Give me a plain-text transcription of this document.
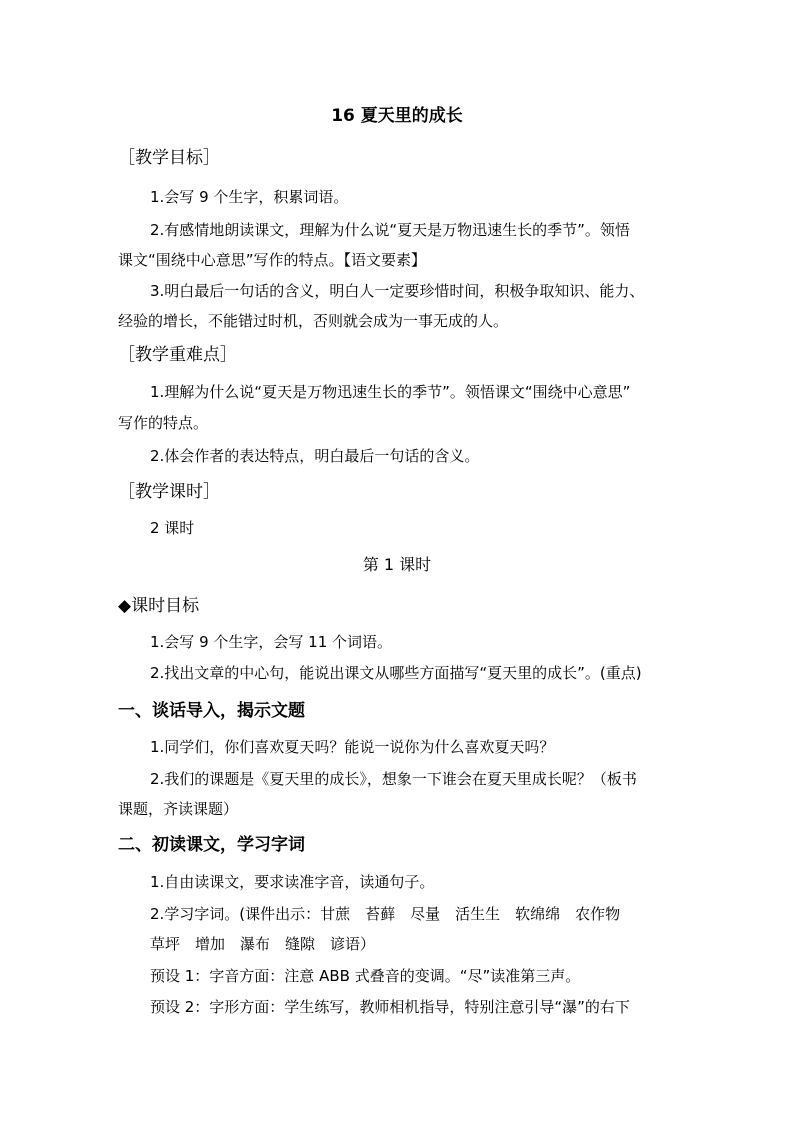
16 夏天里的成长
［教学目标］
1.会写 9 个生字，积累词语。
2.有感情地朗读课文，理解为什么说“夏天是万物迅速生长的季节”。领悟
课文“围绕中心意思”写作的特点。【语文要素】
3.明白最后一句话的含义，明白人一定要珍惜时间，积极争取知识、能力、
经验的增长，不能错过时机，否则就会成为一事无成的人。
［教学重难点］
1.理解为什么说“夏天是万物迅速生长的季节”。领悟课文“围绕中心意思”
写作的特点。
2.体会作者的表达特点，明白最后一句话的含义。
［教学课时］
2 课时
第 1 课时
◆课时目标
1.会写 9 个生字，会写 11 个词语。
2.找出文章的中心句，能说出课文从哪些方面描写“夏天里的成长”。(重点)
一、谈话导入，揭示文题
1.同学们，你们喜欢夏天吗？能说一说你为什么喜欢夏天吗？
2.我们的课题是《夏天里的成长》，想象一下谁会在夏天里成长呢？（板书
课题，齐读课题）
二、初读课文，学习字词
1.自由读课文，要求读准字音，读通句子。
2.学习字词。(课件出示：甘蔗　苔藓　尽量　活生生　软绵绵　农作物
草坪　增加　瀑布　缝隙　谚语）
预设 1：字音方面：注意 ABB 式叠音的变调。“尽”读准第三声。
预设 2：字形方面：学生练写，教师相机指导，特别注意引导“瀑”的右下
